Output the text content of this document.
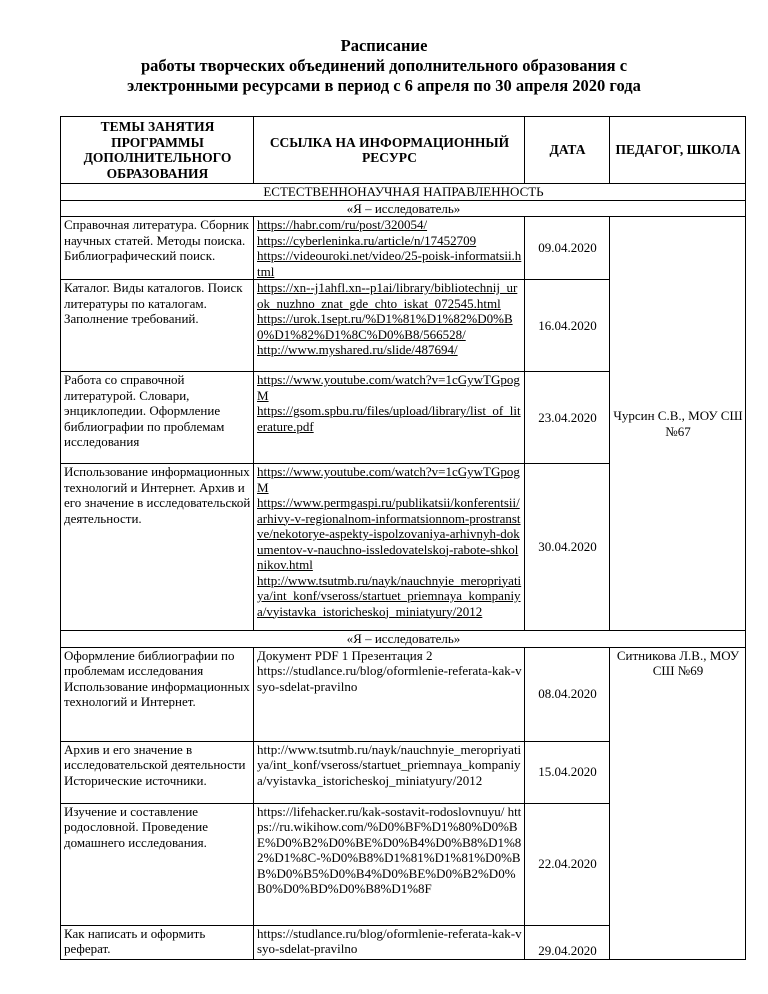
Расписание
работы творческих объединений дополнительного образования с
электронными ресурсами в период с 6 апреля по 30 апреля 2020 года
ТЕМЫ ЗАНЯТИЯ ПРОГРАММЫ ДОПОЛНИТЕЛЬНОГО ОБРАЗОВАНИЯ	ССЫЛКА НА ИНФОРМАЦИОННЫЙ РЕСУРС	ДАТА	ПЕДАГОГ, ШКОЛА
ЕСТЕСТВЕННОНАУЧНАЯ НАПРАВЛЕННОСТЬ			
«Я – исследователь»			
Справочная литература. Сборник научных статей. Методы поиска. Библиографический поиск.	https://habr.com/ru/post/320054/
https://cyberleninka.ru/article/n/17452709
https://videouroki.net/video/25-poisk-informatsii.html	09.04.2020	Чурсин С.В., МОУ СШ №67
Каталог. Виды каталогов. Поиск литературы по каталогам. Заполнение требований.	https://xn--j1ahfl.xn--p1ai/library/bibliotechnij_urok_nuzhno_znat_gde_chto_iskat_072545.html
https://urok.1sept.ru/%D1%81%D1%82%D0%B0%D1%82%D1%8C%D0%B8/566528/
http://www.myshared.ru/slide/487694/	16.04.2020	
Работа со справочной литературой. Словари, энциклопедии. Оформление библиографии по проблемам исследования	https://www.youtube.com/watch?v=1cGywTGpogM
https://gsom.spbu.ru/files/upload/library/list_of_literature.pdf	23.04.2020	
Использование информационных технологий и Интернет. Архив и его значение в исследовательской деятельности.	https://www.youtube.com/watch?v=1cGywTGpogM
https://www.permgaspi.ru/publikatsii/konferentsii/arhivy-v-regionalnom-informatsionnom-prostranstve/nekotorye-aspekty-ispolzovaniya-arhivnyh-dokumentov-v-nauchno-issledovatelskoj-rabote-shkolnikov.html
http://www.tsutmb.ru/nayk/nauchnyie_meropriyatiya/int_konf/vseross/startuet_priemnaya_kompaniya/vyistavka_istoricheskoj_miniatyury/2012	30.04.2020	
«Я – исследователь»			
Оформление библиографии по проблемам исследования Использование информационных технологий и Интернет.	Документ PDF 1 Презентация 2
https://studlance.ru/blog/oformlenie-referata-kak-vsyo-sdelat-pravilno	08.04.2020	Ситникова Л.В., МОУ СШ №69
Архив и его значение в исследовательской деятельности Исторические источники.	http://www.tsutmb.ru/nayk/nauchnyie_meropriyatiya/int_konf/vseross/startuet_priemnaya_kompaniya/vyistavka_istoricheskoj_miniatyury/2012	15.04.2020	
Изучение и составление родословной. Проведение домашнего исследования.	https://lifehacker.ru/kak-sostavit-rodoslovnuyu/ https://ru.wikihow.com/%D0%BF%D1%80%D0%BE%D0%B2%D0%BE%D0%B4%D0%B8%D1%82%D1%8C-%D0%B8%D1%81%D1%81%D0%BB%D0%B5%D0%B4%D0%BE%D0%B2%D0%B0%D0%BD%D0%B8%D1%8F	22.04.2020	
Как написать и оформить реферат.	https://studlance.ru/blog/oformlenie-referata-kak-vsyo-sdelat-pravilno	29.04.2020	
